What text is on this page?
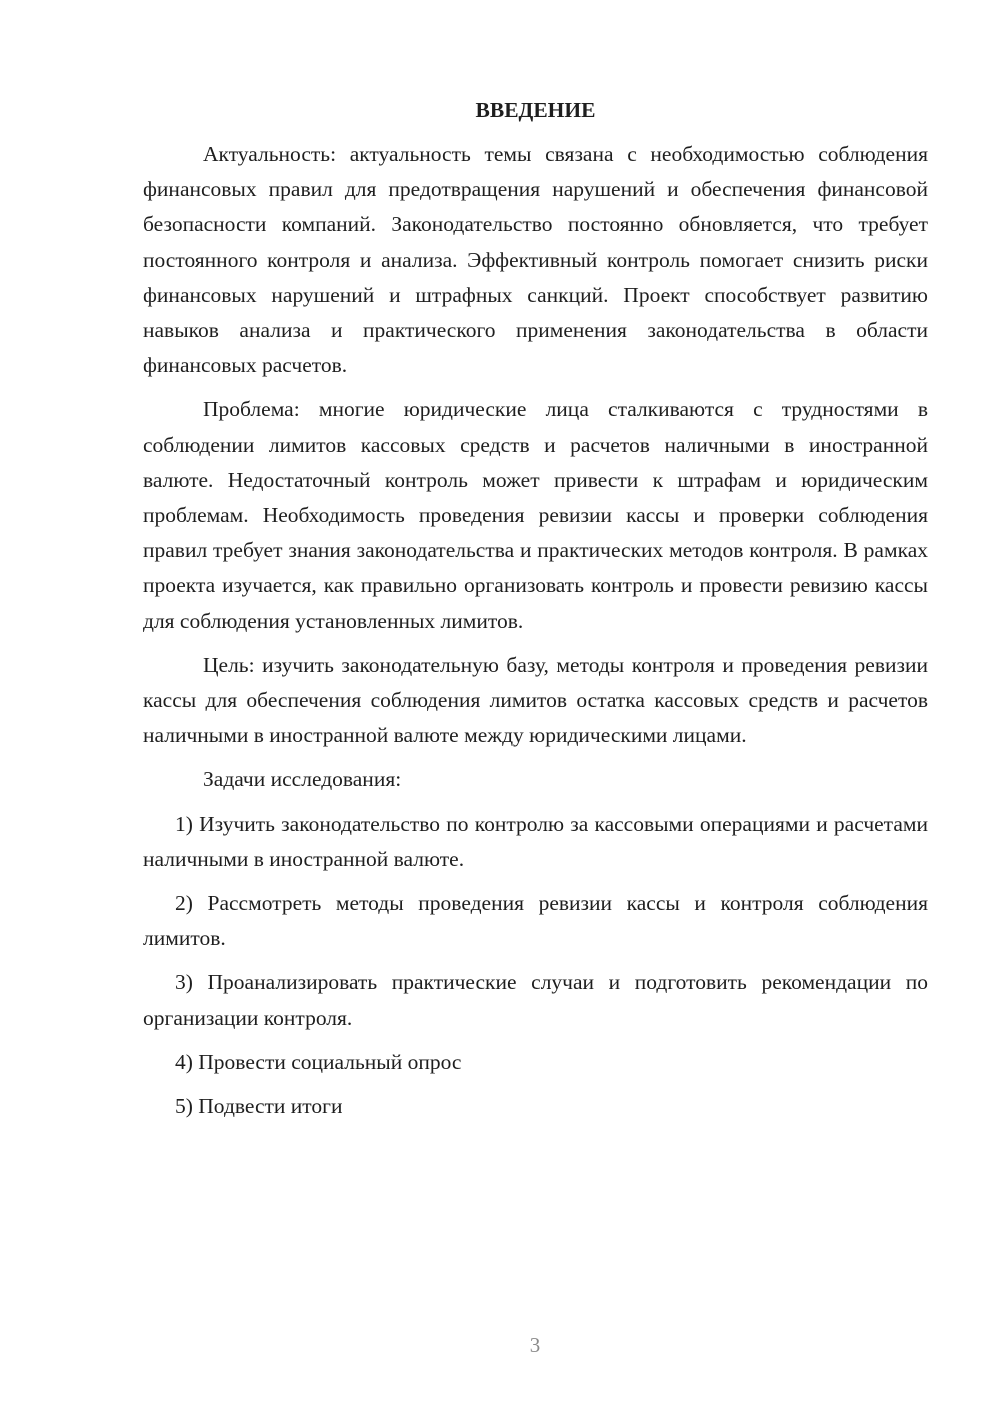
ВВЕДЕНИЕ

Актуальность: актуальность темы связана с необходимостью соблюдения финансовых правил для предотвращения нарушений и обеспечения финансовой безопасности компаний. Законодательство постоянно обновляется, что требует постоянного контроля и анализа. Эффективный контроль помогает снизить риски финансовых нарушений и штрафных санкций. Проект способствует развитию навыков анализа и практического применения законодательства в области финансовых расчетов.

Проблема: многие юридические лица сталкиваются с трудностями в соблюдении лимитов кассовых средств и расчетов наличными в иностранной валюте. Недостаточный контроль может привести к штрафам и юридическим проблемам. Необходимость проведения ревизии кассы и проверки соблюдения правил требует знания законодательства и практических методов контроля. В рамках проекта изучается, как правильно организовать контроль и провести ревизию кассы для соблюдения установленных лимитов.

Цель: изучить законодательную базу, методы контроля и проведения ревизии кассы для обеспечения соблюдения лимитов остатка кассовых средств и расчетов наличными в иностранной валюте между юридическими лицами.

Задачи исследования:

1) Изучить законодательство по контролю за кассовыми операциями и расчетами наличными в иностранной валюте.

2) Рассмотреть методы проведения ревизии кассы и контроля соблюдения лимитов.

3) Проанализировать практические случаи и подготовить рекомендации по организации контроля.

4) Провести социальный опрос

5) Подвести итоги

3
